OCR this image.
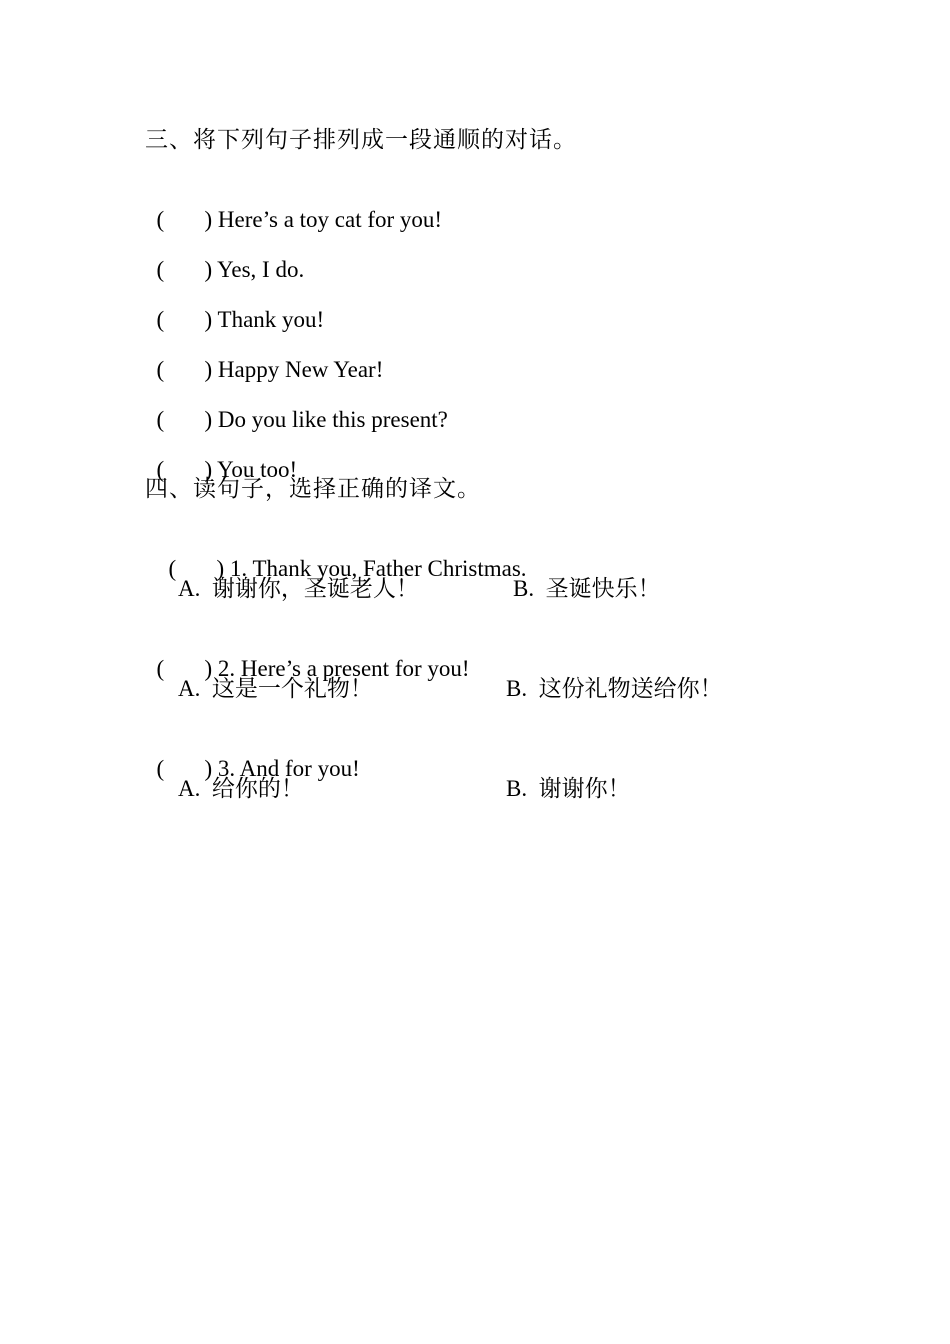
三、将下列句子排列成一段通顺的对话。

( ) Here’s a toy cat for you!

( ) Yes, I do.

( ) Thank you!

( ) Happy New Year!

( ) Do you like this present?

( ) You too!

四、读句子，选择正确的译文。

( ) 1. Thank you, Father Christmas.

A.  谢谢你，圣诞老人！	B.  圣诞快乐！

( ) 2. Here’s a present for you!

A.  这是一个礼物！	B.  这份礼物送给你！

( ) 3. And for you!

A.  给你的！	B.  谢谢你！
